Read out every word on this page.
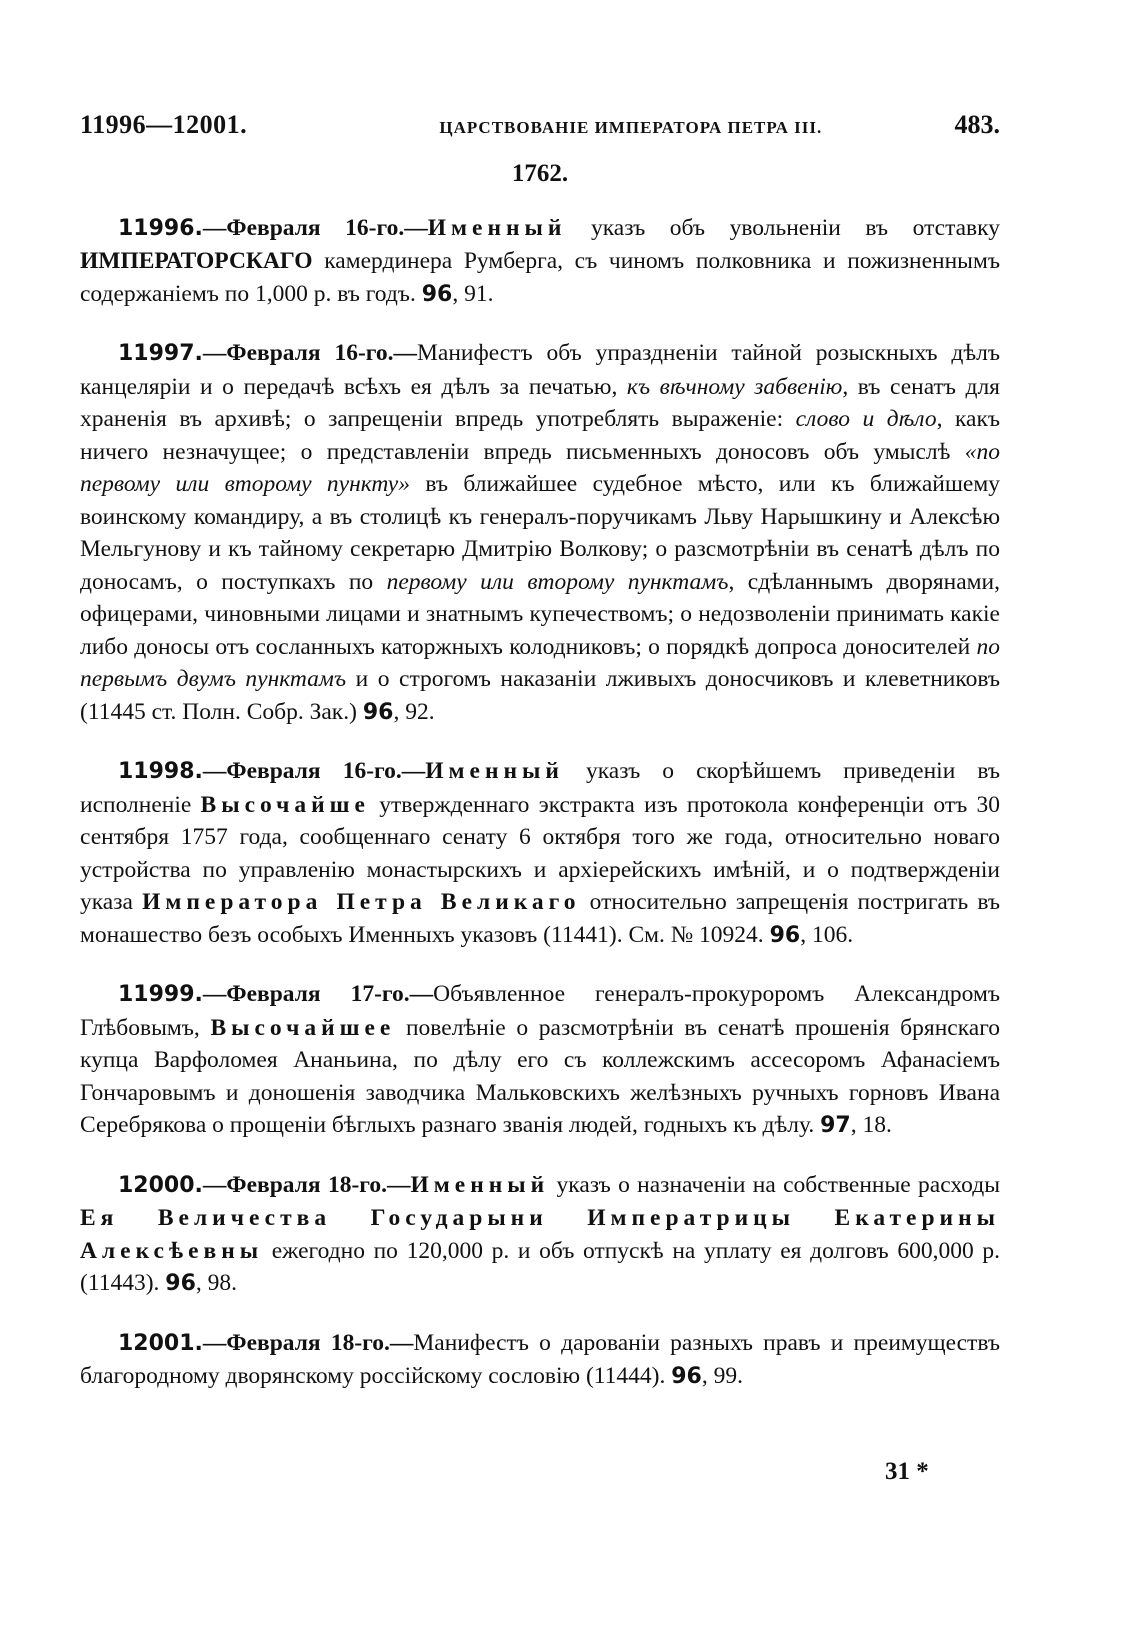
11996—12001.	ЦАРСТВОВАНІЕ ИМПЕРАТОРА ПЕТРА III.	483.
1762.

11996.—Февраля 16-го.—Именный указъ объ увольненіи въ отставку ИМПЕРАТОРСКАГО камердинера Румберга, съ чиномъ полковника и пожизненнымъ содержаніемъ по 1,000 р. въ годъ. 96, 91.

11997.—Февраля 16-го.—Манифестъ объ упраздненіи тайной розыскныхъ дѣлъ канцеляріи и о передачѣ всѣхъ ея дѣлъ за печатью, къ вѣчному забвенію, въ сенатъ для храненія въ архивѣ; о запрещеніи впредь употреблять выраженіе: слово и дѣло, какъ ничего незначущее; о представленіи впредь письменныхъ доносовъ объ умыслѣ «по первому или второму пункту» въ ближайшее судебное мѣсто, или къ ближайшему воинскому командиру, а въ столицѣ къ генералъ-поручикамъ Льву Нарышкину и Алексѣю Мельгунову и къ тайному секретарю Дмитрію Волкову; о разсмотрѣніи въ сенатѣ дѣлъ по доносамъ, о поступкахъ по первому или второму пунктамъ, сдѣланнымъ дворянами, офицерами, чиновными лицами и знатнымъ купечествомъ; о недозволеніи принимать какіе либо доносы отъ сосланныхъ каторжныхъ колодниковъ; о порядкѣ допроса доносителей по первымъ двумъ пунктамъ и о строгомъ наказаніи лживыхъ доносчиковъ и клеветниковъ (11445 ст. Полн. Собр. Зак.) 96, 92.

11998.—Февраля 16-го.—Именный указъ о скорѣйшемъ приведеніи въ исполненіе Высочайше утвержденнаго экстракта изъ протокола конференціи отъ 30 сентября 1757 года, сообщеннаго сенату 6 октября того же года, относительно новаго устройства по управленію монастырскихъ и архіерейскихъ имѣній, и о подтвержденіи указа Императора Петра Великаго относительно запрещенія постригать въ монашество безъ особыхъ Именныхъ указовъ (11441). См. № 10924. 96, 106.

11999.—Февраля 17-го.—Объявленное генералъ-прокуроромъ Александромъ Глѣбовымъ, Высочайшее повелѣніе о разсмотрѣніи въ сенатѣ прошенія брянскаго купца Варфоломея Ананьина, по дѣлу его съ коллежскимъ ассесоромъ Афанасіемъ Гончаровымъ и доношенія заводчика Мальковскихъ желѣзныхъ ручныхъ горновъ Ивана Серебрякова о прощеніи бѣглыхъ разнаго званія людей, годныхъ къ дѣлу. 97, 18.

12000.—Февраля 18-го.—Именный указъ о назначеніи на собственные расходы Ея Величества Государыни Императрицы Екатерины Алексѣевны ежегодно по 120,000 р. и объ отпускѣ на уплату ея долговъ 600,000 р. (11443). 96, 98.

12001.—Февраля 18-го.—Манифестъ о дарованіи разныхъ правъ и преимуществъ благородному дворянскому россійскому сословію (11444). 96, 99.

31 *
